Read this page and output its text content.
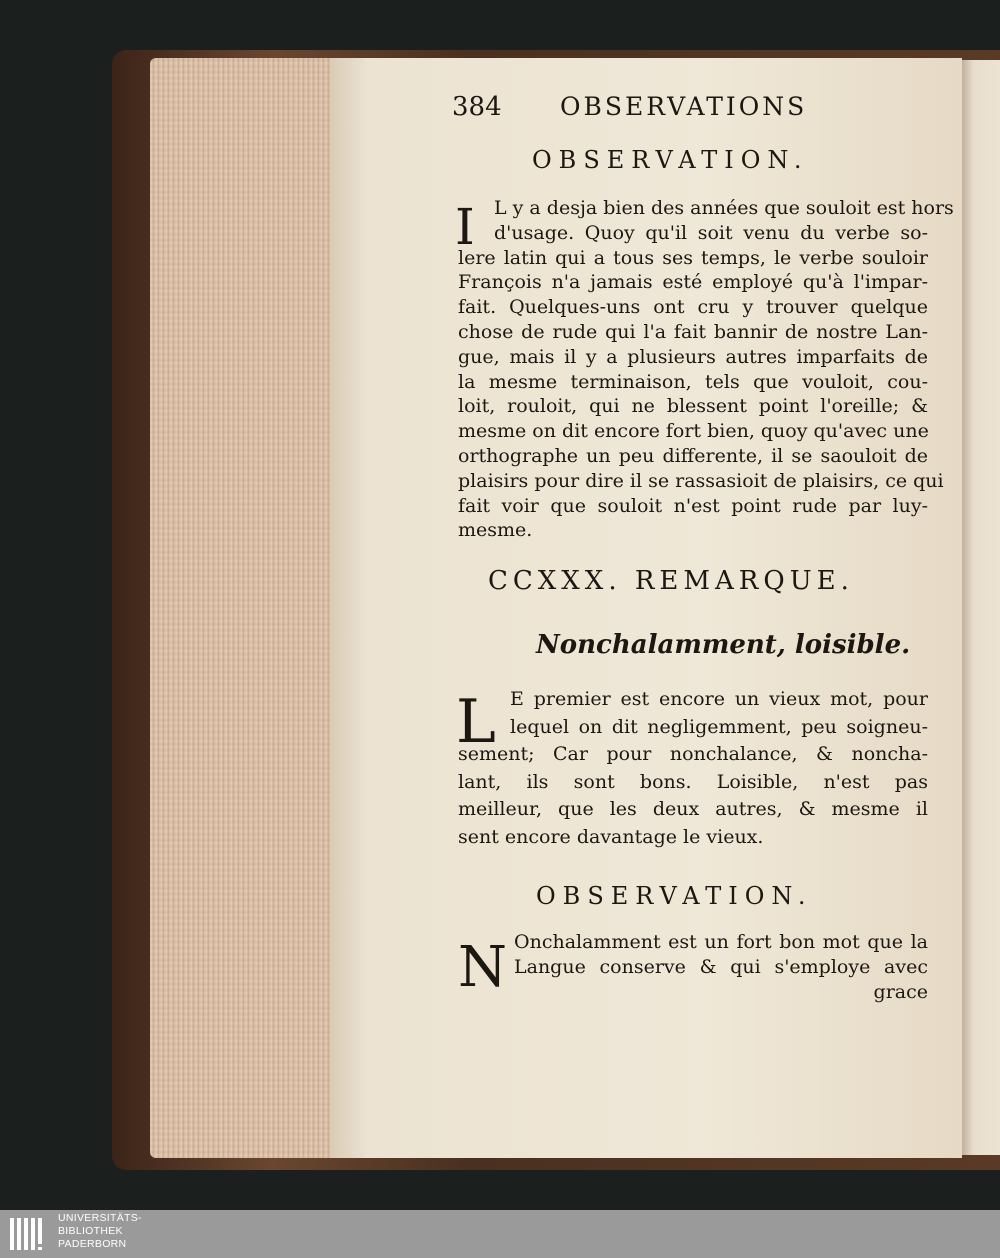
384 OBSERVATIONS
OBSERVATION.
I	L y a desja bien des années que souloit est hors
d'usage. Quoy qu'il soit venu du verbe so-
lere latin qui a tous ses temps, le verbe souloir
François n'a jamais esté employé qu'à l'impar-
fait. Quelques-uns ont cru y trouver quelque
chose de rude qui l'a fait bannir de nostre Lan-
gue, mais il y a plusieurs autres imparfaits de
la mesme terminaison, tels que vouloit, cou-
loit, rouloit, qui ne blessent point l'oreille; &
mesme on dit encore fort bien, quoy qu'avec une
orthographe un peu differente, il se saouloit de
plaisirs pour dire il se rassasioit de plaisirs, ce qui
fait voir que souloit n'est point rude par luy-
mesme.
CCXXX. REMARQUE.
Nonchalamment, loisible.
L E premier est encore un vieux mot, pour
lequel on dit negligemment, peu soigneu-
sement; Car pour nonchalance, & noncha-
lant, ils sont bons. Loisible, n'est pas
meilleur, que les deux autres, & mesme il
sent encore davantage le vieux.
OBSERVATION.
N Onchalamment est un fort bon mot que la
Langue conserve & qui s'employe avec
grace
UNIVERSITÄTS-
BIBLIOTHEK
PADERBORN
